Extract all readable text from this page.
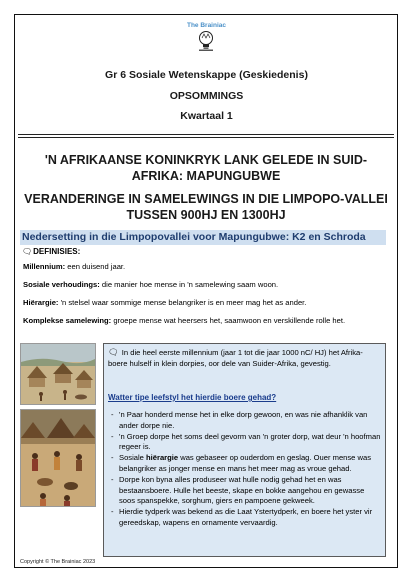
The Brainiac
Gr 6 Sosiale Wetenskappe (Geskiedenis)
OPSOMMINGS
Kwartaal 1
'N AFRIKAANSE KONINKRYK LANK GELEDE IN SUID-
AFRIKA: MAPUNGUBWE
VERANDERINGE IN SAMELEWINGS IN DIE LIMPOPO-VALLEI
TUSSEN 900HJ EN 1300HJ
Nedersetting in die Limpopovallei voor Mapungubwe: K2 en Schroda
🗨︎DEFINISIES:
Millennium: een duisend jaar.
Sosiale verhoudings: die manier hoe mense in 'n samelewing saam woon.
Hiërargie: 'n stelsel waar sommige mense belangriker is en meer mag het as ander.
Komplekse samelewing: groepe mense wat heersers het, saamwoon en verskillende rolle het.
🗨︎ In die heel eerste millennium (jaar 1 tot die jaar 1000 nC/ HJ) het Afrika-boere hulself in klein dorpies, oor dele van Suider-Afrika, gevestig.
Watter tipe leefstyl het hierdie boere gehad?
- 'n Paar honderd mense het in elke dorp gewoon, en was nie afhanklik van ander dorpe nie.
- 'n Groep dorpe het soms deel gevorm van 'n groter dorp, wat deur 'n hoofman regeer is.
- Sosiale hiërargie was gebaseer op ouderdom en geslag. Ouer mense was belangriker as jonger mense en mans het meer mag as vroue gehad.
- Dorpe kon byna alles produseer wat hulle nodig gehad het en was bestaansboere. Hulle het beeste, skape en bokke aangehou en gewasse soos spanspekke, sorghum, giers en pampoene gekweek.
- Hierdie tydperk was bekend as die Laat Ystertydperk, en boere het yster vir gereedskap, wapens en ornamente vervaardig.
Copyright © The Brainiac 2023
